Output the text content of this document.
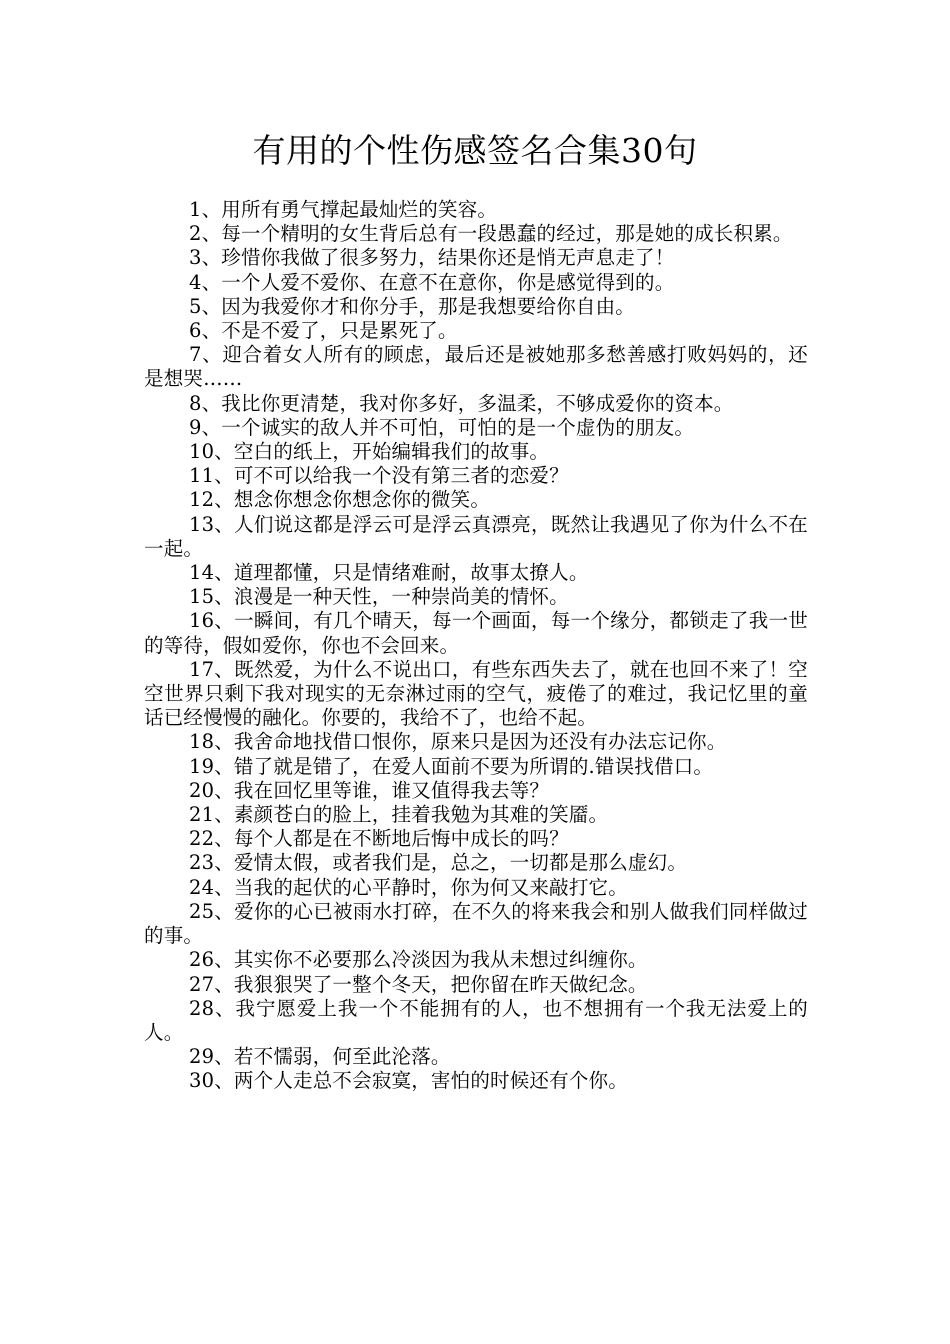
有用的个性伤感签名合集30句

1、用所有勇气撑起最灿烂的笑容。

2、每一个精明的女生背后总有一段愚蠢的经过，那是她的成长积累。

3、珍惜你我做了很多努力，结果你还是悄无声息走了！

4、一个人爱不爱你、在意不在意你，你是感觉得到的。

5、因为我爱你才和你分手，那是我想要给你自由。

6、不是不爱了，只是累死了。

7、迎合着女人所有的顾虑，最后还是被她那多愁善感打败妈妈的，还是想哭……

8、我比你更清楚，我对你多好，多温柔，不够成爱你的资本。

9、一个诚实的敌人并不可怕，可怕的是一个虚伪的朋友。

10、空白的纸上，开始编辑我们的故事。

11、可不可以给我一个没有第三者的恋爱？

12、想念你想念你想念你的微笑。

13、人们说这都是浮云可是浮云真漂亮，既然让我遇见了你为什么不在一起。

14、道理都懂，只是情绪难耐，故事太撩人。

15、浪漫是一种天性，一种崇尚美的情怀。

16、一瞬间，有几个晴天，每一个画面，每一个缘分，都锁走了我一世的等待，假如爱你，你也不会回来。

17、既然爱，为什么不说出口，有些东西失去了，就在也回不来了！空空世界只剩下我对现实的无奈淋过雨的空气，疲倦了的难过，我记忆里的童话已经慢慢的融化。你要的，我给不了，也给不起。

18、我舍命地找借口恨你，原来只是因为还没有办法忘记你。

19、错了就是错了，在爱人面前不要为所谓的.错误找借口。

20、我在回忆里等谁，谁又值得我去等？

21、素颜苍白的脸上，挂着我勉为其难的笑靥。

22、每个人都是在不断地后悔中成长的吗？

23、爱情太假，或者我们是，总之，一切都是那么虚幻。

24、当我的起伏的心平静时，你为何又来敲打它。

25、爱你的心已被雨水打碎，在不久的将来我会和别人做我们同样做过的事。

26、其实你不必要那么冷淡因为我从未想过纠缠你。

27、我狠狠哭了一整个冬天，把你留在昨天做纪念。

28、我宁愿爱上我一个不能拥有的人，也不想拥有一个我无法爱上的人。

29、若不懦弱，何至此沦落。

30、两个人走总不会寂寞，害怕的时候还有个你。
